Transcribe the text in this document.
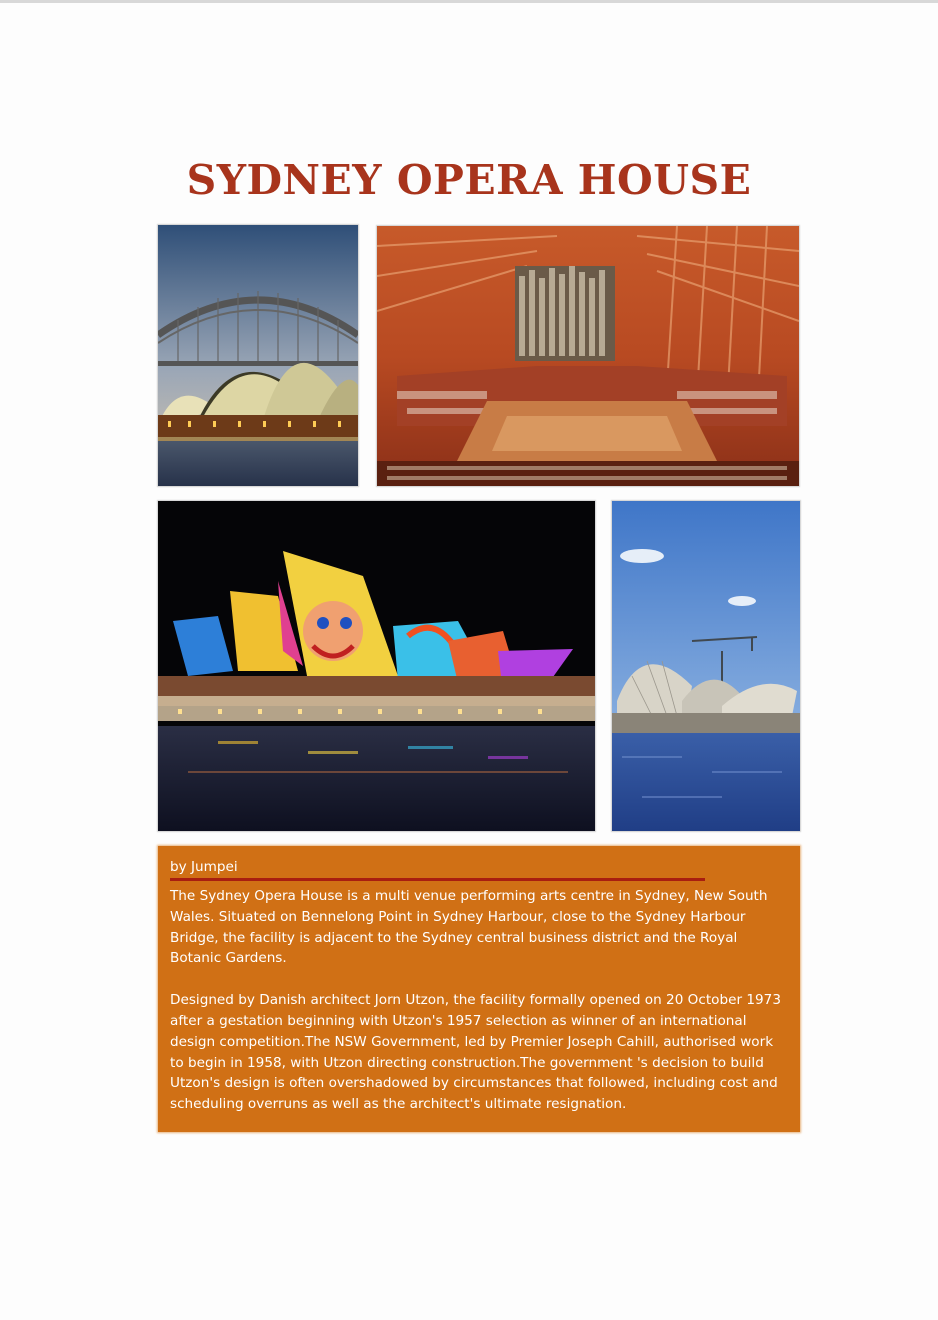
SYDNEY OPERA HOUSE
by Jumpei

The Sydney Opera House is a multi venue performing arts centre in Sydney, New South Wales. Situated on Bennelong Point in Sydney Harbour, close to the Sydney Harbour Bridge, the facility is adjacent to the Sydney central business district and the Royal Botanic Gardens.

Designed by Danish architect Jorn Utzon, the facility formally opened on 20 October 1973 after a gestation beginning with Utzon's 1957 selection as winner of an international design competition.The NSW Government, led by Premier Joseph Cahill, authorised work to begin in 1958, with Utzon directing construction.The government 's decision to build Utzon's design is often overshadowed by circumstances that followed, including cost and scheduling overruns as well as the architect's ultimate resignation.
